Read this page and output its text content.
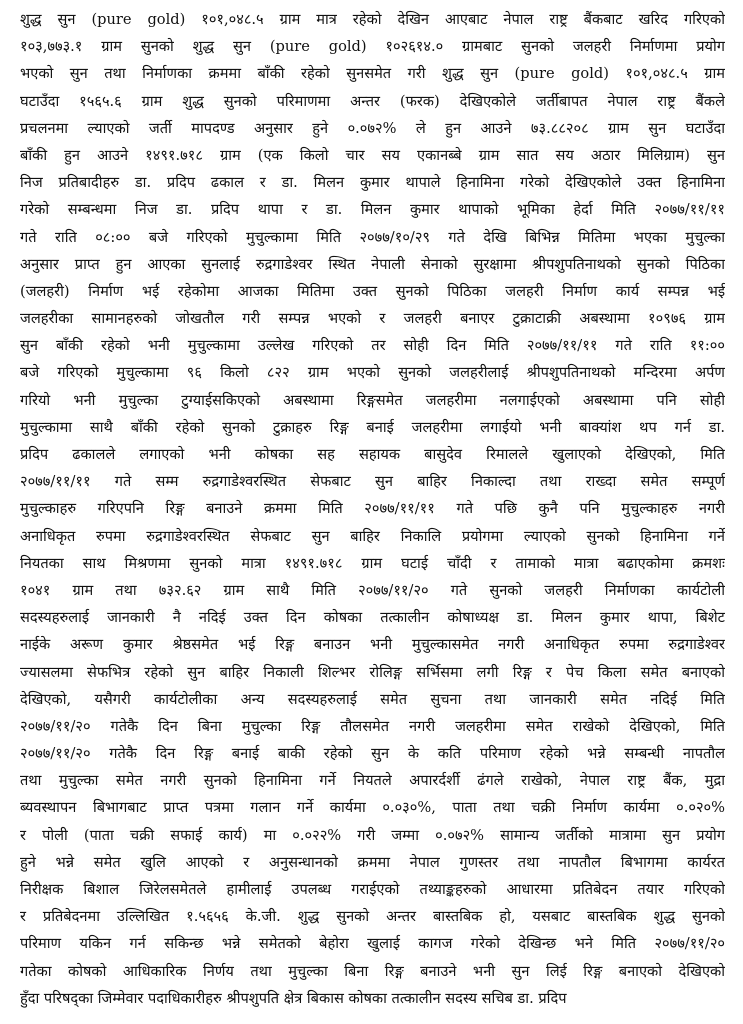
शुद्ध सुन (pure gold) १०१,०४८.५ ग्राम मात्र रहेको देखिन आएबाट नेपाल राष्ट्र बैंकबाट खरिद गरिएको
१०३,७७३.१ ग्राम सुनको शुद्ध सुन (pure gold) १०२६१४.० ग्रामबाट सुनको जलहरी निर्माणमा प्रयोग
भएको सुन तथा निर्माणका क्रममा बाँकी रहेको सुनसमेत गरी शुद्ध सुन (pure gold) १०१,०४८.५ ग्राम
घटाउँदा १५६५.६ ग्राम शुद्ध सुनको परिमाणमा अन्तर (फरक) देखिएकोले जर्तीबापत नेपाल राष्ट्र बैंकले
प्रचलनमा ल्याएको जर्ती मापदण्ड अनुसार हुने ०.०७२% ले हुन आउने ७३.८८२०८ ग्राम सुन घटाउँदा
बाँकी हुन आउने १४९१.७१८ ग्राम (एक किलो चार सय एकानब्बे ग्राम सात सय अठार मिलिग्राम) सुन
निज प्रतिबादीहरु डा. प्रदिप ढकाल र डा. मिलन कुमार थापाले हिनामिना गरेको देखिएकोले उक्त हिनामिना
गरेको सम्बन्धमा निज डा. प्रदिप थापा र डा. मिलन कुमार थापाको भूमिका हेर्दा मिति २०७७/११/११
गते राति ०८:०० बजे गरिएको मुचुल्कामा मिति २०७७/१०/२९ गते देखि बिभिन्न मितिमा भएका मुचुल्का
अनुसार प्राप्त हुन आएका सुनलाई रुद्रगाडेश्वर स्थित नेपाली सेनाको सुरक्षामा श्रीपशुपतिनाथको सुनको पिठिका
(जलहरी) निर्माण भई रहेकोमा आजका मितिमा उक्त सुनको पिठिका जलहरी निर्माण कार्य सम्पन्न भई
जलहरीका सामानहरुको जोखतौल गरी सम्पन्न भएको र जलहरी बनाएर टुक्राटाक्री अबस्थामा १०९७६ ग्राम
सुन बाँकी रहेको भनी मुचुल्कामा उल्लेख गरिएको तर सोही दिन मिति २०७७/११/११ गते राति ११:००
बजे गरिएको मुचुल्कामा ९६ किलो ८२२ ग्राम भएको सुनको जलहरीलाई श्रीपशुपतिनाथको मन्दिरमा अर्पण
गरियो भनी मुचुल्का टुग्याईसकिएको अबस्थामा रिङ्गसमेत जलहरीमा नलगाईएको अबस्थामा पनि सोही
मुचुल्कामा साथै बाँकी रहेको सुनको टुक्राहरु रिङ्ग बनाई जलहरीमा लगाईयो भनी बाक्यांश थप गर्न डा.
प्रदिप ढकालले लगाएको भनी कोषका सह सहायक बासुदेव रिमालले खुलाएको देखिएको, मिति
२०७७/११/११ गते सम्म रुद्रगाडेश्वरस्थित सेफबाट सुन बाहिर निकाल्दा तथा राख्दा समेत सम्पूर्ण
मुचुल्काहरु गरिएपनि रिङ्ग बनाउने क्रममा मिति २०७७/११/११ गते पछि कुनै पनि मुचुल्काहरु नगरी
अनाधिकृत रुपमा रुद्रगाडेश्वरस्थित सेफबाट सुन बाहिर निकालि प्रयोगमा ल्याएको सुनको हिनामिना गर्ने
नियतका साथ मिश्रणमा सुनको मात्रा १४९१.७१८ ग्राम घटाई चाँदी र तामाको मात्रा बढाएकोमा क्रमशः
१०४१ ग्राम तथा ७३२.६२ ग्राम साथै मिति २०७७/११/२० गते सुनको जलहरी निर्माणका कार्यटोली
सदस्यहरुलाई जानकारी नै नदिई उक्त दिन कोषका तत्कालीन कोषाध्यक्ष डा. मिलन कुमार थापा, बिशेट
नाईके अरूण कुमार श्रेष्ठसमेत भई रिङ्ग बनाउन भनी मुचुल्कासमेत नगरी अनाधिकृत रुपमा रुद्रगाडेश्वर
ज्यासलमा सेफभित्र रहेको सुन बाहिर निकाली शिल्भर रोलिङ्ग सर्भिसमा लगी रिङ्ग र पेच किला समेत बनाएको
देखिएको, यसैगरी कार्यटोलीका अन्य सदस्यहरुलाई समेत सुचना तथा जानकारी समेत नदिई मिति
२०७७/११/२० गतेकै दिन बिना मुचुल्का रिङ्ग तौलसमेत नगरी जलहरीमा समेत राखेको देखिएको, मिति
२०७७/११/२० गतेकै दिन रिङ्ग बनाई बाकी रहेको सुन के कति परिमाण रहेको भन्ने सम्बन्धी नापतौल
तथा मुचुल्का समेत नगरी सुनको हिनामिना गर्ने नियतले अपारर्दर्शी ढंगले राखेको, नेपाल राष्ट्र बैंक, मुद्रा
ब्यवस्थापन बिभागबाट प्राप्त पत्रमा गलान गर्ने कार्यमा ०.०३०%, पाता तथा चक्री निर्माण कार्यमा ०.०२०%
र पोली (पाता चक्री सफाई कार्य) मा ०.०२२% गरी जम्मा ०.०७२% सामान्य जर्तीको मात्रामा सुन प्रयोग
हुने भन्ने समेत खुलि आएको र अनुसन्धानको क्रममा नेपाल गुणस्तर तथा नापतौल बिभागमा कार्यरत
निरीक्षक बिशाल जिरेलसमेतले हामीलाई उपलब्ध गराईएको तथ्याङ्कहरुको आधारमा प्रतिबेदन तयार गरिएको
र प्रतिबेदनमा उल्लिखित १.५६५६ के.जी. शुद्ध सुनको अन्तर बास्तबिक हो, यसबाट बास्तबिक शुद्ध सुनको
परिमाण यकिन गर्न सकिन्छ भन्ने समेतको बेहोरा खुलाई कागज गरेको देखिन्छ भने मिति २०७७/११/२०
गतेका कोषको आधिकारिक निर्णय तथा मुचुल्का बिना रिङ्ग बनाउने भनी सुन लिई रिङ्ग बनाएको देखिएको
हुँदा परिषद्का जिम्मेवार पदाधिकारीहरु श्रीपशुपति क्षेत्र बिकास कोषका तत्कालीन सदस्य सचिब डा. प्रदिप
